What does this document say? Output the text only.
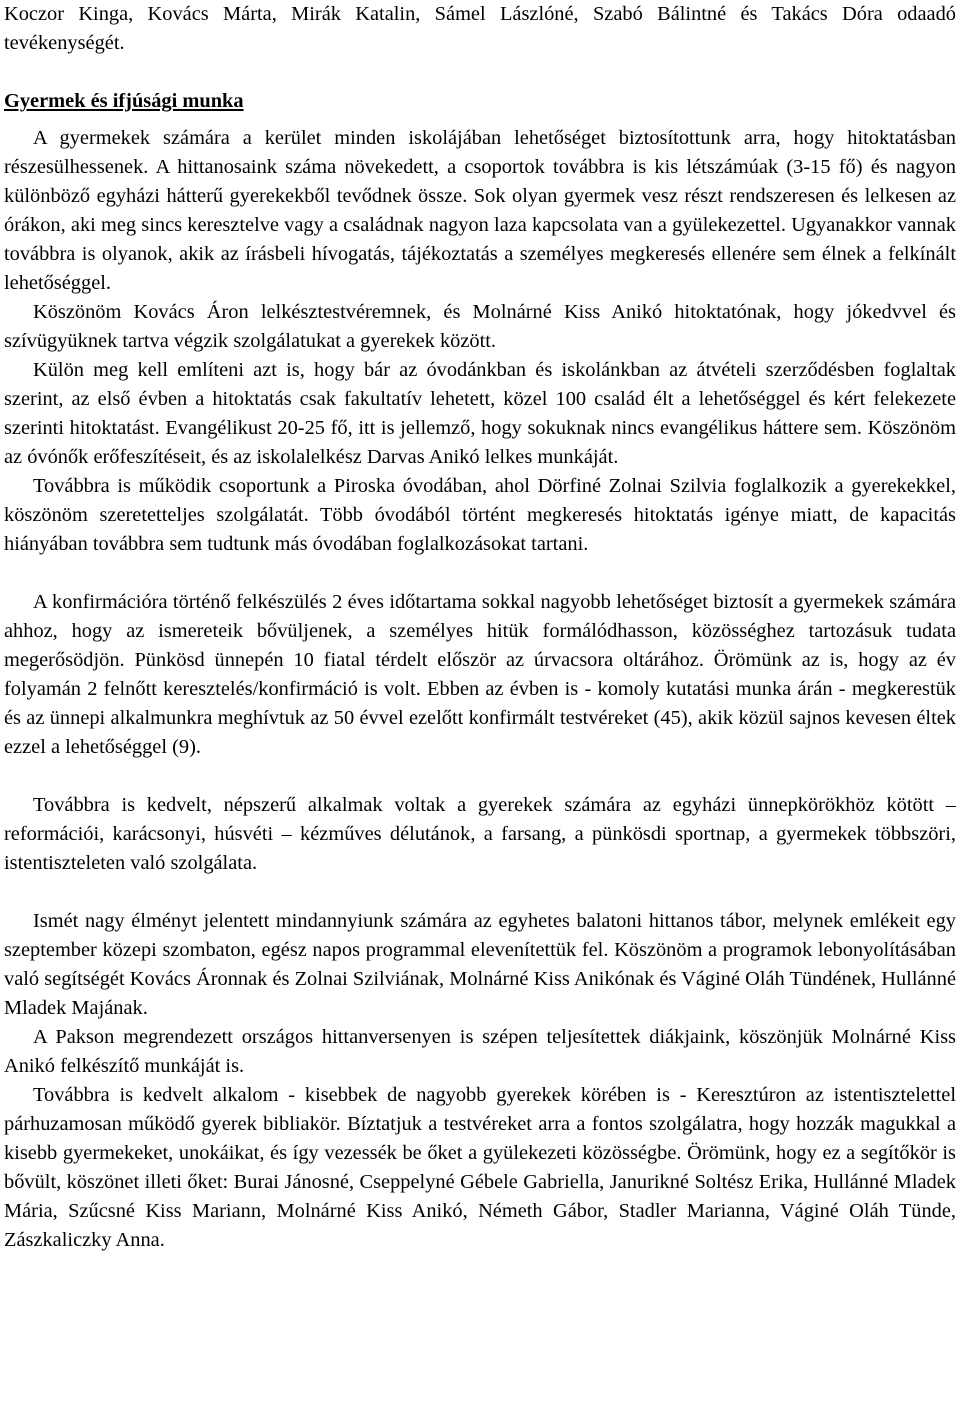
Koczor Kinga, Kovács Márta, Mirák Katalin, Sámel Lászlóné, Szabó Bálintné és Takács Dóra odaadó tevékenységét.

Gyermek és ifjúsági munka

A gyermekek számára a kerület minden iskolájában lehetőséget biztosítottunk arra, hogy hitoktatásban részesülhessenek. A hittanosaink száma növekedett, a csoportok továbbra is kis létszámúak (3-15 fő) és nagyon különböző egyházi hátterű gyerekekből tevődnek össze. Sok olyan gyermek vesz részt rendszeresen és lelkesen az órákon, aki meg sincs keresztelve vagy a családnak nagyon laza kapcsolata van a gyülekezettel. Ugyanakkor vannak továbbra is olyanok, akik az írásbeli hívogatás, tájékoztatás a személyes megkeresés ellenére sem élnek a felkínált lehetőséggel.

Köszönöm Kovács Áron lelkésztestvéremnek, és Molnárné Kiss Anikó hitoktatónak, hogy jókedvvel és szívügyüknek tartva végzik szolgálatukat a gyerekek között.

Külön meg kell említeni azt is, hogy bár az óvodánkban és iskolánkban az átvételi szerződésben foglaltak szerint, az első évben a hitoktatás csak fakultatív lehetett, közel 100 család élt a lehetőséggel és kért felekezete szerinti hitoktatást. Evangélikust 20-25 fő, itt is jellemző, hogy sokuknak nincs evangélikus háttere sem. Köszönöm az óvónők erőfeszítéseit, és az iskolalelkész Darvas Anikó lelkes munkáját.

Továbbra is működik csoportunk a Piroska óvodában, ahol Dörfiné Zolnai Szilvia foglalkozik a gyerekekkel, köszönöm szeretetteljes szolgálatát. Több óvodából történt megkeresés hitoktatás igénye miatt, de kapacitás hiányában továbbra sem tudtunk más óvodában foglalkozásokat tartani.

A konfirmációra történő felkészülés 2 éves időtartama sokkal nagyobb lehetőséget biztosít a gyermekek számára ahhoz, hogy az ismereteik bővüljenek, a személyes hitük formálódhasson, közösséghez tartozásuk tudata megerősödjön. Pünkösd ünnepén 10 fiatal térdelt először az úrvacsora oltárához. Örömünk az is, hogy az év folyamán 2 felnőtt keresztelés/konfirmáció is volt. Ebben az évben is - komoly kutatási munka árán - megkerestük és az ünnepi alkalmunkra meghívtuk az 50 évvel ezelőtt konfirmált testvéreket (45), akik közül sajnos kevesen éltek ezzel a lehetőséggel (9).

Továbbra is kedvelt, népszerű alkalmak voltak a gyerekek számára az egyházi ünnepkörökhöz kötött – reformációi, karácsonyi, húsvéti – kézműves délutánok, a farsang, a pünkösdi sportnap, a gyermekek többszöri, istentiszteleten való szolgálata.

Ismét nagy élményt jelentett mindannyiunk számára az egyhetes balatoni hittanos tábor, melynek emlékeit egy szeptember közepi szombaton, egész napos programmal elevenítettük fel. Köszönöm a programok lebonyolításában való segítségét Kovács Áronnak és Zolnai Szilviának, Molnárné Kiss Anikónak és Váginé Oláh Tündének, Hullánné Mladek Majának.

A Pakson megrendezett országos hittanversenyen is szépen teljesítettek diákjaink, köszönjük Molnárné Kiss Anikó felkészítő munkáját is.

Továbbra is kedvelt alkalom - kisebbek de nagyobb gyerekek körében is - Keresztúron az istentisztelettel párhuzamosan működő gyerek bibliakör. Bíztatjuk a testvéreket arra a fontos szolgálatra, hogy hozzák magukkal a kisebb gyermekeket, unokáikat, és így vezessék be őket a gyülekezeti közösségbe. Örömünk, hogy ez a segítőkör is bővült, köszönet illeti őket: Burai Jánosné, Cseppelyné Gébele Gabriella, Janurikné Soltész Erika, Hullánné Mladek Mária, Szűcsné Kiss Mariann, Molnárné Kiss Anikó, Németh Gábor, Stadler Marianna, Váginé Oláh Tünde, Zászkaliczky Anna.
